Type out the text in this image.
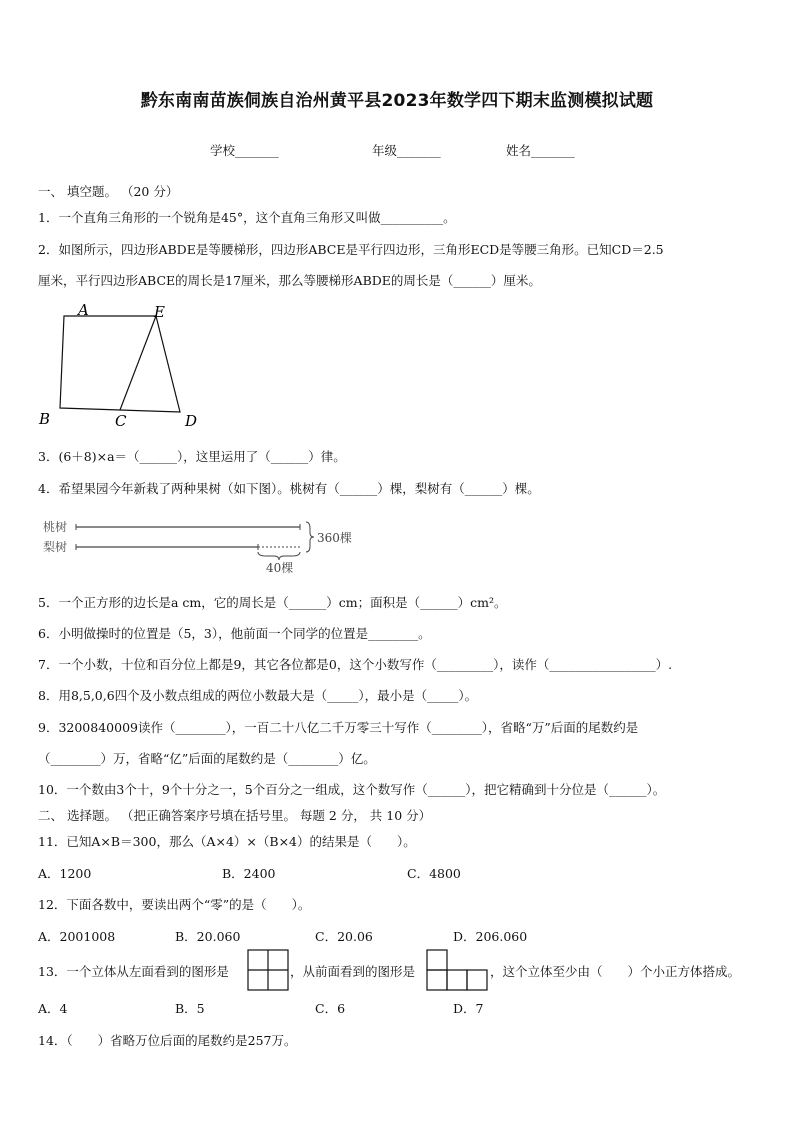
黔东南南苗族侗族自治州黄平县2023年数学四下期末监测模拟试题
学校_______	年级_______	姓名_______
一、 填空题。 （20 分）
1．一个直角三角形的一个锐角是45°，这个直角三角形又叫做__________。
2．如图所示，四边形ABDE是等腰梯形，四边形ABCE是平行四边形，三角形ECD是等腰三角形。已知CD＝2.5
厘米，平行四边形ABCE的周长是17厘米，那么等腰梯形ABDE的周长是（______）厘米。
A	E
B	C	D
3．(6＋8)×a＝（______），这里运用了（______）律。
4．希望果园今年新栽了两种果树（如下图）。桃树有（______）棵，梨树有（______）棵。
桃树
梨树
360棵
40棵
5．一个正方形的边长是a cm，它的周长是（______）cm；面积是（______）cm²。
6．小明做操时的位置是（5，3），他前面一个同学的位置是________。
7．一个小数，十位和百分位上都是9，其它各位都是0，这个小数写作（_________），读作（_________________）.
8．用8,5,0,6四个及小数点组成的两位小数最大是（_____），最小是（_____）。
9．3200840009读作（________），一百二十八亿二千万零三十写作（________），省略“万”后面的尾数约是
（________）万，省略“亿”后面的尾数约是（________）亿。
10．一个数由3个十，9个十分之一，5个百分之一组成，这个数写作（______），把它精确到十分位是（______）。
二、 选择题。 （把正确答案序号填在括号里。 每题 2 分， 共 10 分）
11．已知A×B＝300，那么（A×4）×（B×4）的结果是（　　）。
A．1200	B．2400	C．4800
12．下面各数中，要读出两个“零”的是（　　）。
A．2001008	B．20.060	C．20.06	D．206.060
13．一个立体从左面看到的图形是	，从前面看到的图形是	，这个立体至少由（　　）个小正方体搭成。
A．4	B．5	C．6	D．7
14．（　　）省略万位后面的尾数约是257万。
